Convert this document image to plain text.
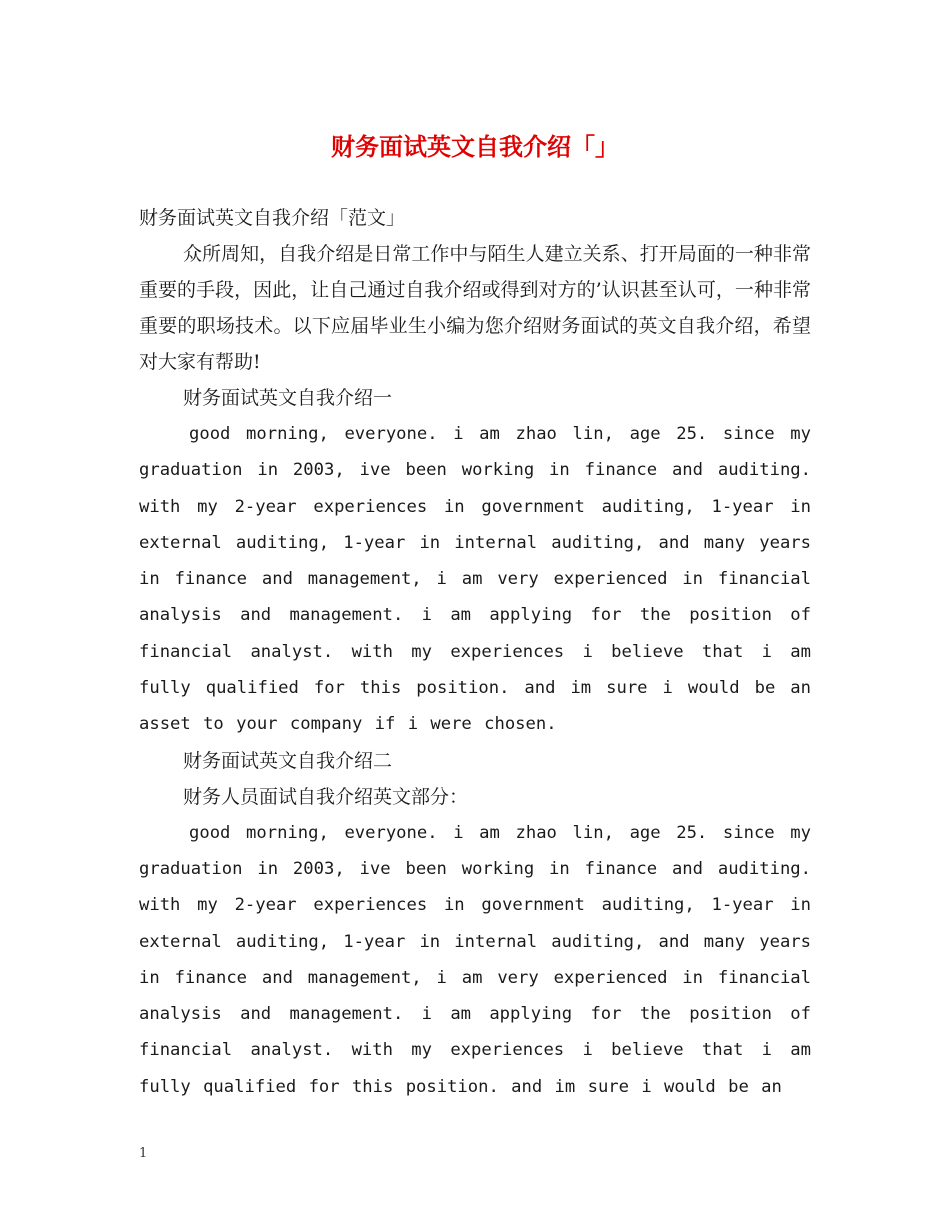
财务面试英文自我介绍「」

财务面试英文自我介绍「范文」

众所周知，自我介绍是日常工作中与陌生人建立关系、打开局面的一种非常重要的手段，因此，让自己通过自我介绍或得到对方的’认识甚至认可，一种非常重要的职场技术。以下应届毕业生小编为您介绍财务面试的英文自我介绍，希望对大家有帮助!

财务面试英文自我介绍一

good morning, everyone. i am zhao lin, age 25. since my graduation in 2003, ive been working in finance and auditing. with my 2-year experiences in government auditing, 1-year in external auditing, 1-year in internal auditing, and many years in finance and management, i am very experienced in financial analysis and management. i am applying for the position of financial analyst. with my experiences i believe that i am fully qualified for this position. and im sure i would be an asset to your company if i were chosen.

财务面试英文自我介绍二

财务人员面试自我介绍英文部分：

good morning, everyone. i am zhao lin, age 25. since my graduation in 2003, ive been working in finance and auditing. with my 2-year experiences in government auditing, 1-year in external auditing, 1-year in internal auditing, and many years in finance and management, i am very experienced in financial analysis and management. i am applying for the position of financial analyst. with my experiences i believe that i am fully qualified for this position. and im sure i would be an

1
